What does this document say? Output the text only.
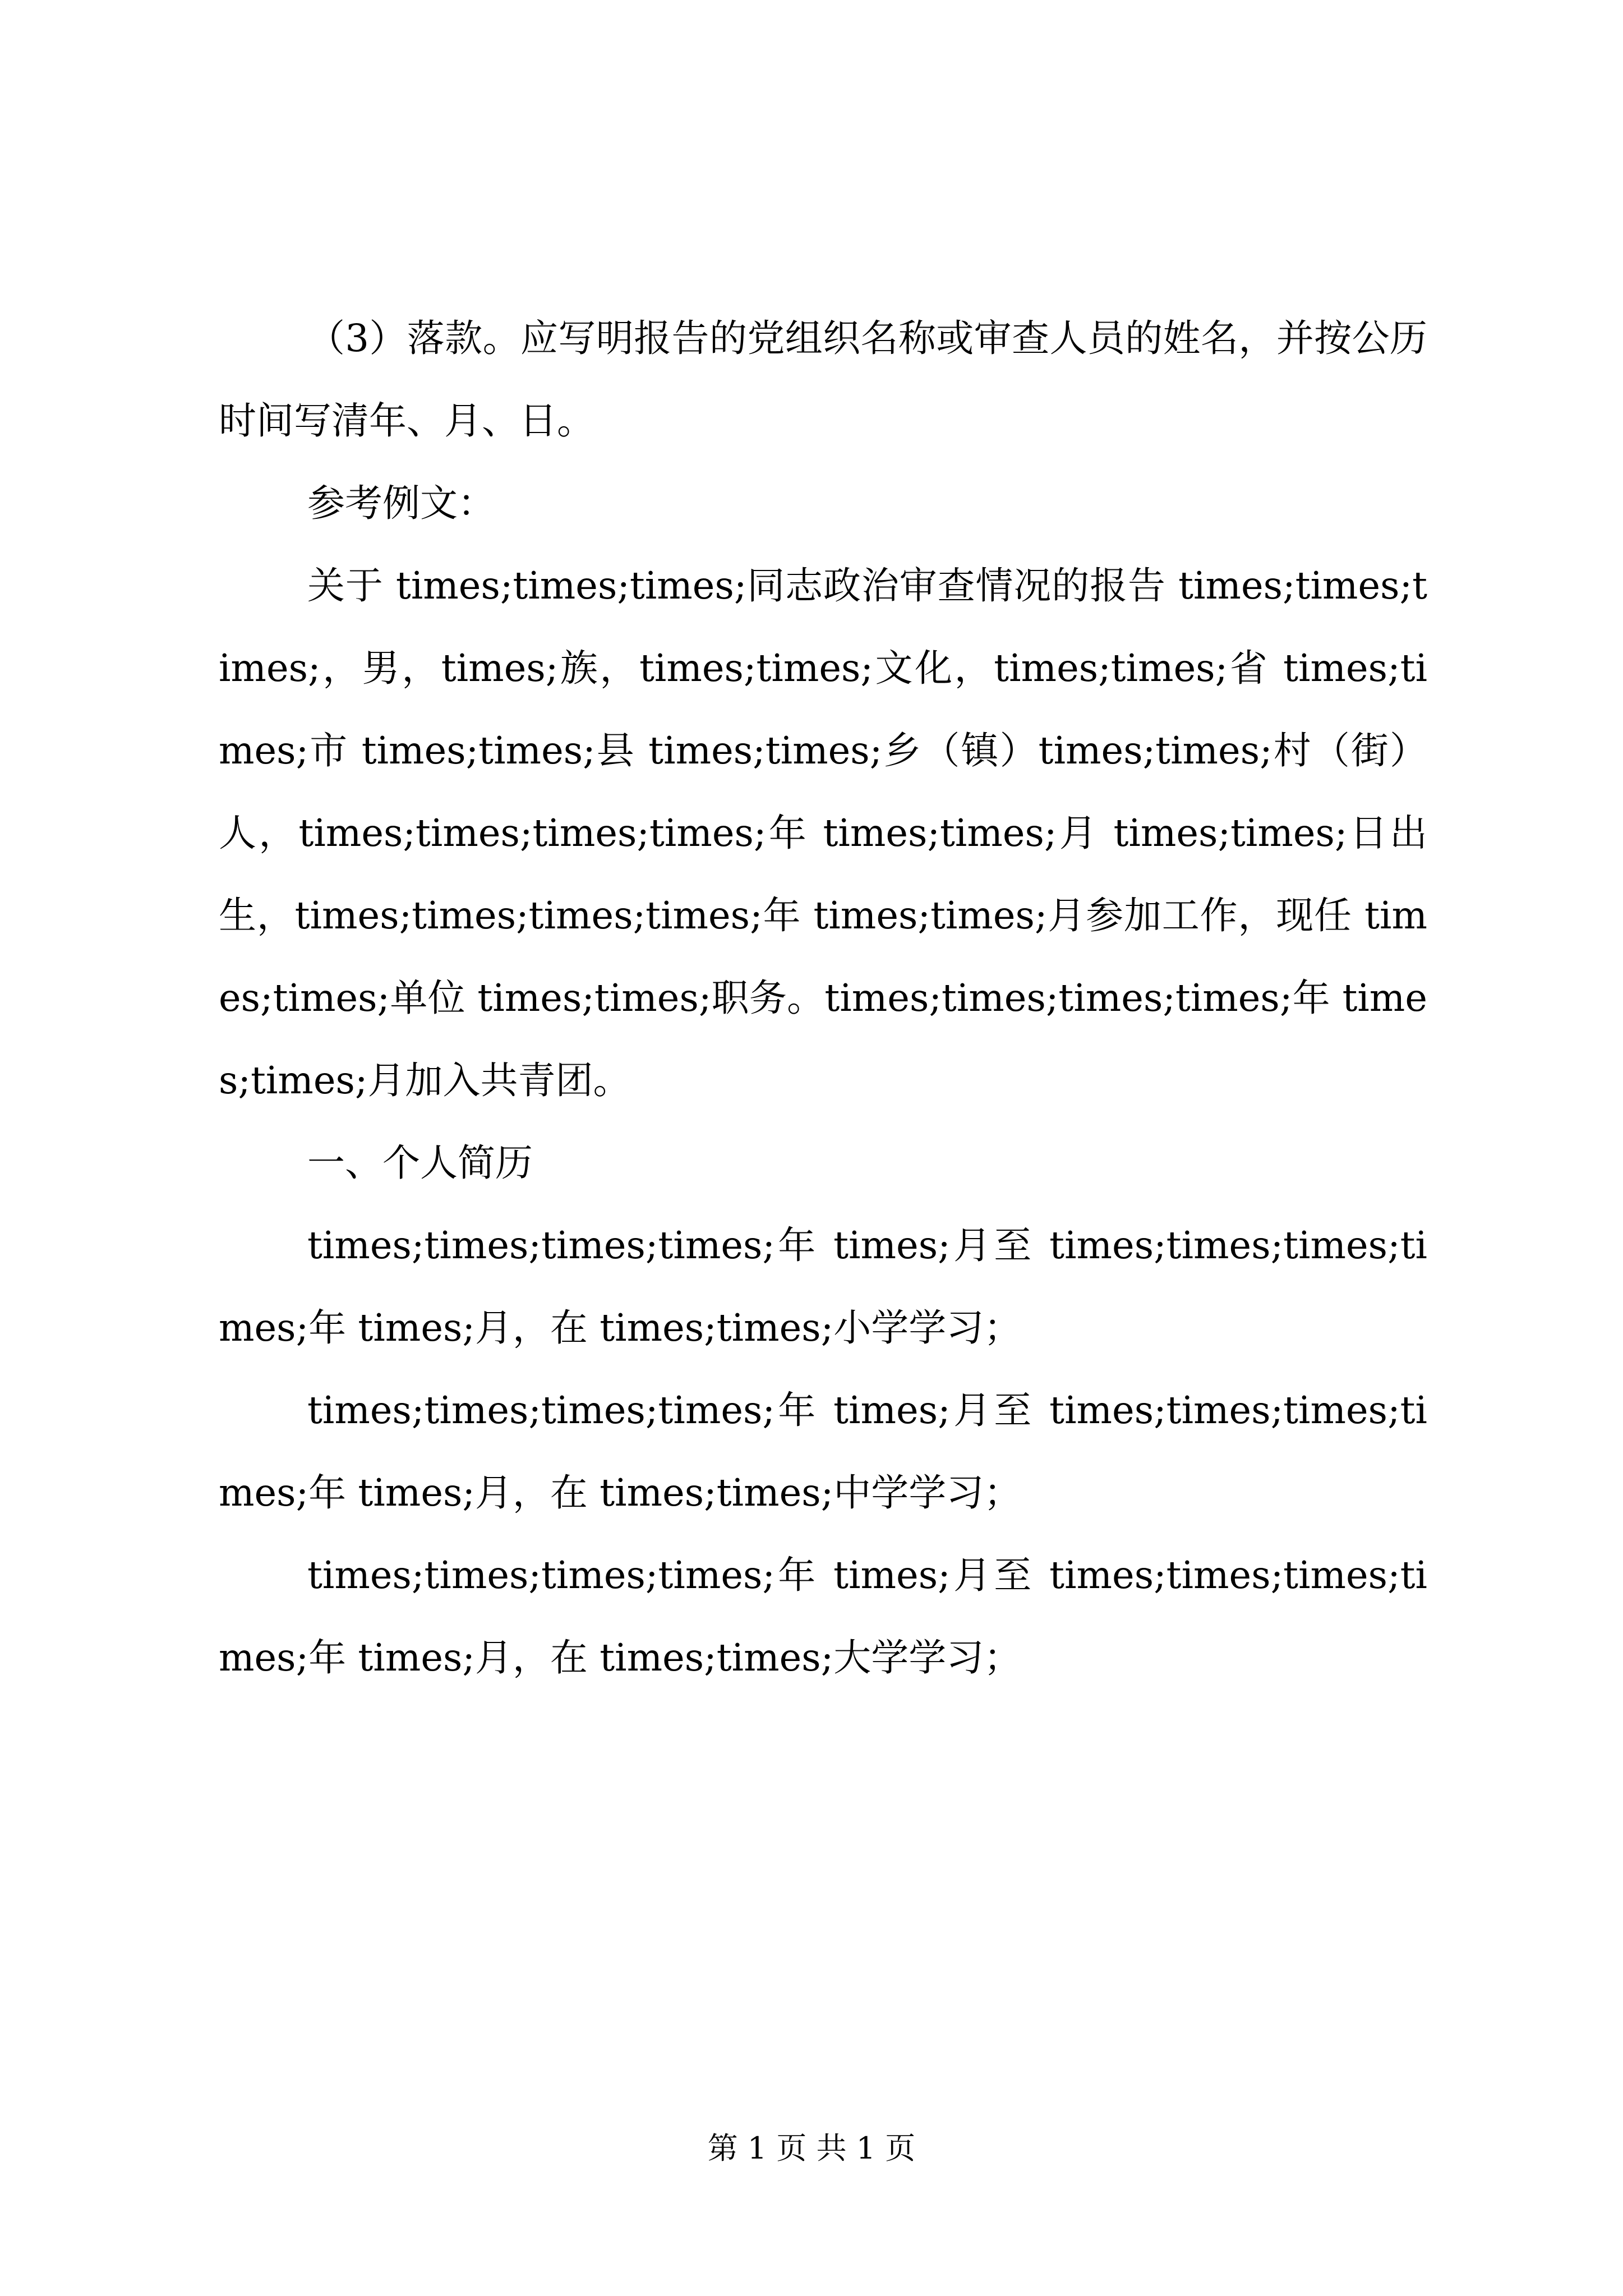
（3）落款。应写明报告的党组织名称或审查人员的姓名，并按公历时间写清年、月、日。

参考例文：

关于 times;times;times;同志政治审查情况的报告 times;times;times;，男，times;族，times;times;文化，times;times;省 times;times;市 times;times;县 times;times;乡（镇）times;times;村（街）人，times;times;times;times;年 times;times;月 times;times;日出生，times;times;times;times;年 times;times;月参加工作，现任 times;times;单位 times;times;职务。times;times;times;times;年 times;times;月加入共青团。

一、个人简历

times;times;times;times;年 times;月至 times;times;times;times;年 times;月，在 times;times;小学学习；

times;times;times;times;年 times;月至 times;times;times;times;年 times;月，在 times;times;中学学习；

times;times;times;times;年 times;月至 times;times;times;times;年 times;月，在 times;times;大学学习；

第 1 页 共 1 页
